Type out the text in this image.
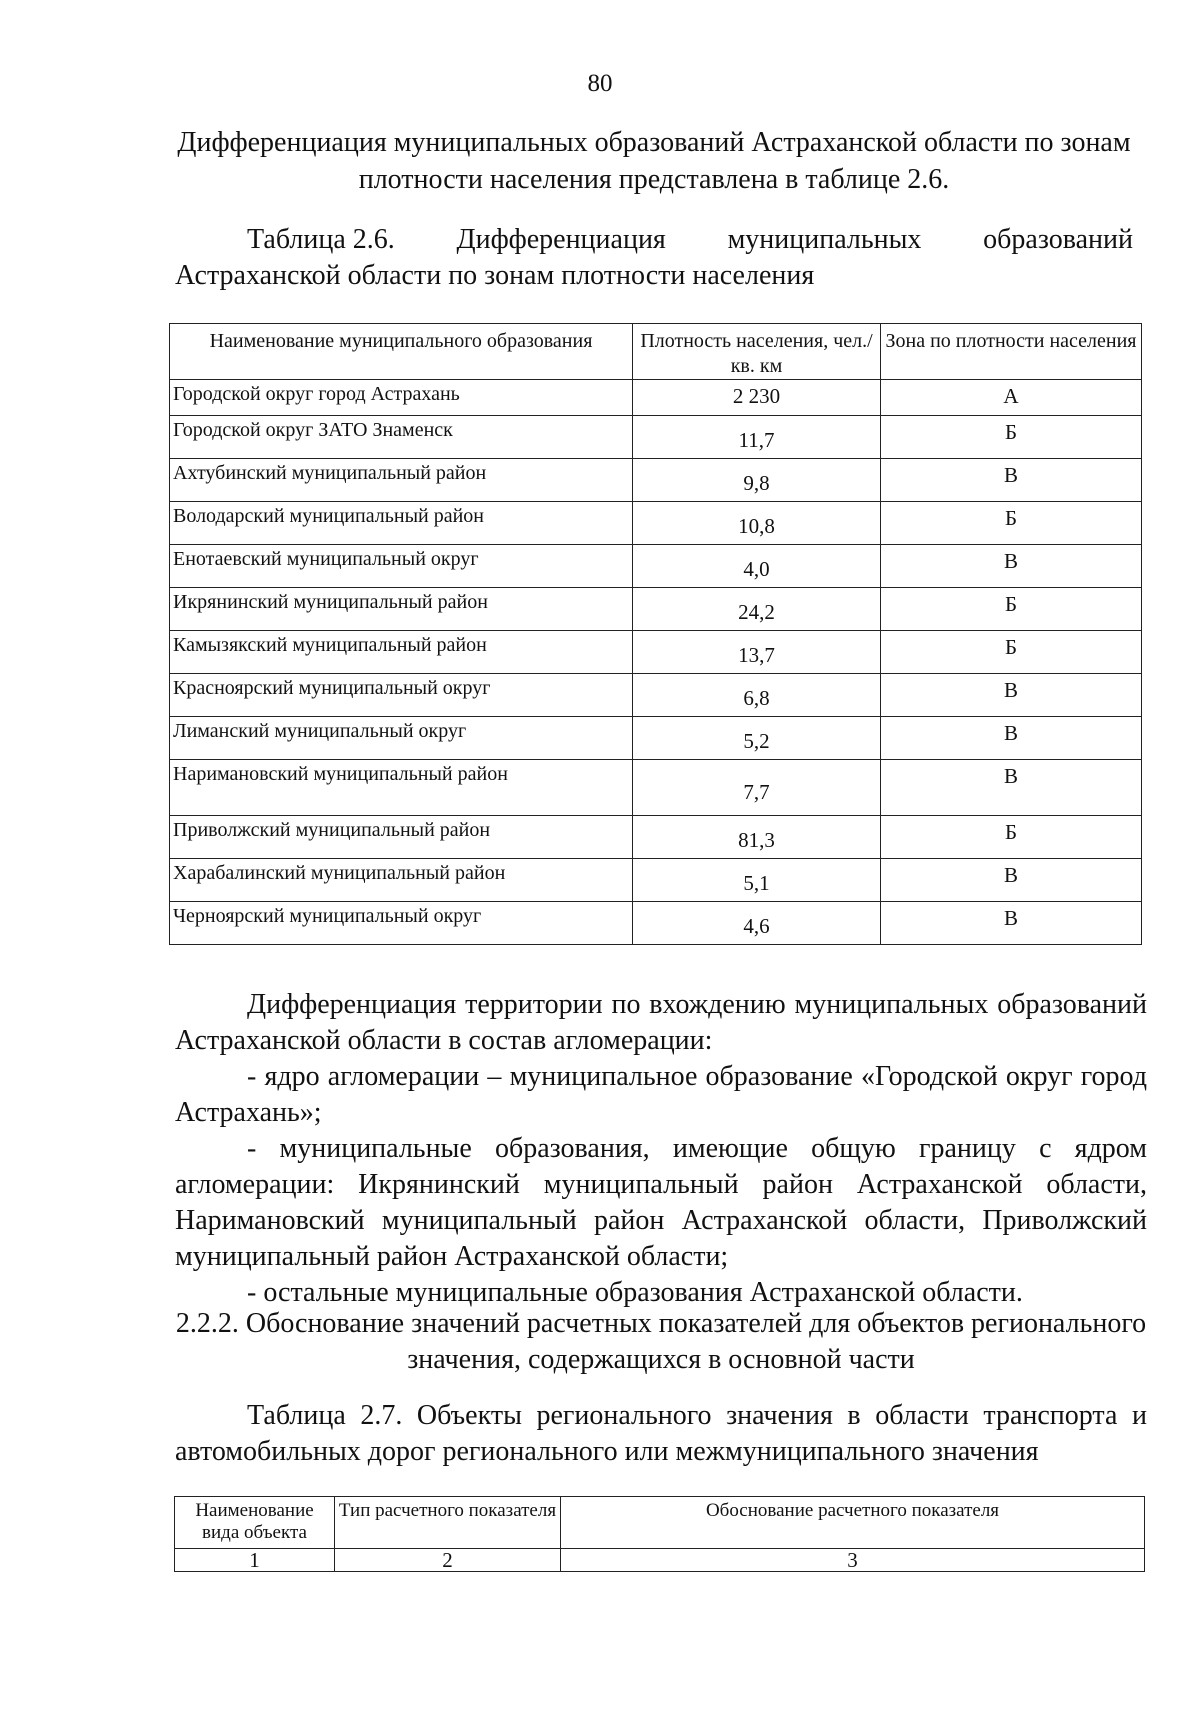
80
Дифференциация муниципальных образований Астраханской области по зонам плотности населения представлена в таблице 2.6.
Таблица 2.6. Дифференциация муниципальных образований
Астраханской области по зонам плотности населения
Наименование муниципального образования	Плотность населения, чел./кв. км	Зона по плотности населения
Городской округ город Астрахань	2 230	А
Городской округ ЗАТО Знаменск	11,7	Б
Ахтубинский муниципальный район	9,8	В
Володарский муниципальный район	10,8	Б
Енотаевский муниципальный округ	4,0	В
Икрянинский муниципальный район	24,2	Б
Камызякский муниципальный район	13,7	Б
Красноярский муниципальный округ	6,8	В
Лиманский муниципальный округ	5,2	В
Наримановский муниципальный район	7,7	В
Приволжский муниципальный район	81,3	Б
Харабалинский муниципальный район	5,1	В
Черноярский муниципальный округ	4,6	В

Дифференциация территории по вхождению муниципальных образований Астраханской области в состав агломерации:

- ядро агломерации – муниципальное образование «Городской округ город Астрахань»;

- муниципальные образования, имеющие общую границу с ядром агломерации: Икрянинский муниципальный район Астраханской области, Наримановский муниципальный район Астраханской области, Приволжский муниципальный район Астраханской области;

- остальные муниципальные образования Астраханской области.

2.2.2. Обоснование значений расчетных показателей для объектов регионального значения, содержащихся в основной части
Таблица 2.7. Объекты регионального значения в области транспорта и автомобильных дорог регионального или межмуниципального значения
Наименование вида объекта	Тип расчетного показателя	Обоснование расчетного показателя
1	2	3
